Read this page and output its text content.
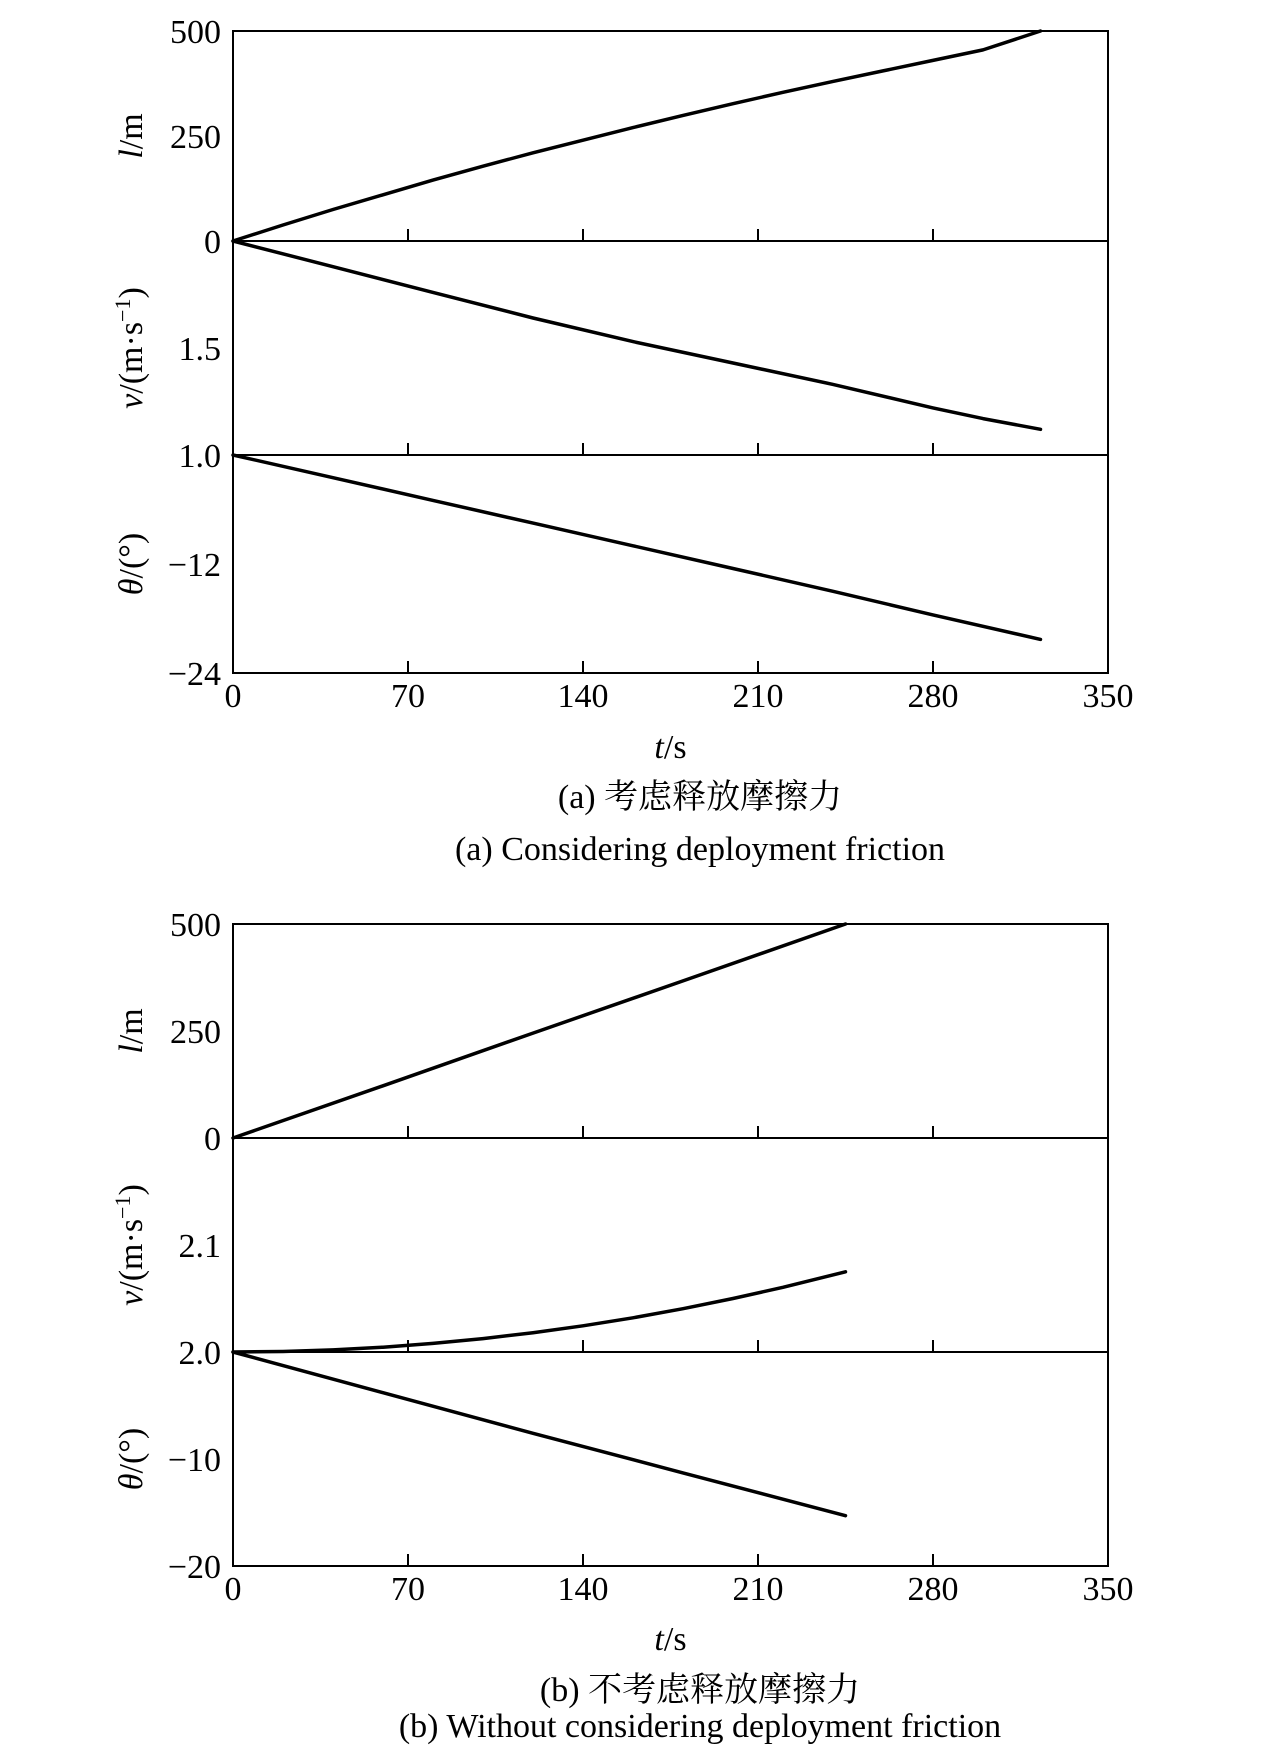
0	70	140	210	280	350
t/s
500
250
0
l/m
1.5
1.0
$v/(m\cdot s^{-1})$
−12
−24
θ/(°)
(a) 考虑释放摩擦力
(a) Considering deployment friction
0	70	140	210	280	350
t/s
500
250
0
l/m
2.1
2.0
$v/(m\cdot s^{-1})$
−10
−20
θ/(°)
(b) 不考虑释放摩擦力
(b) Without considering deployment friction
